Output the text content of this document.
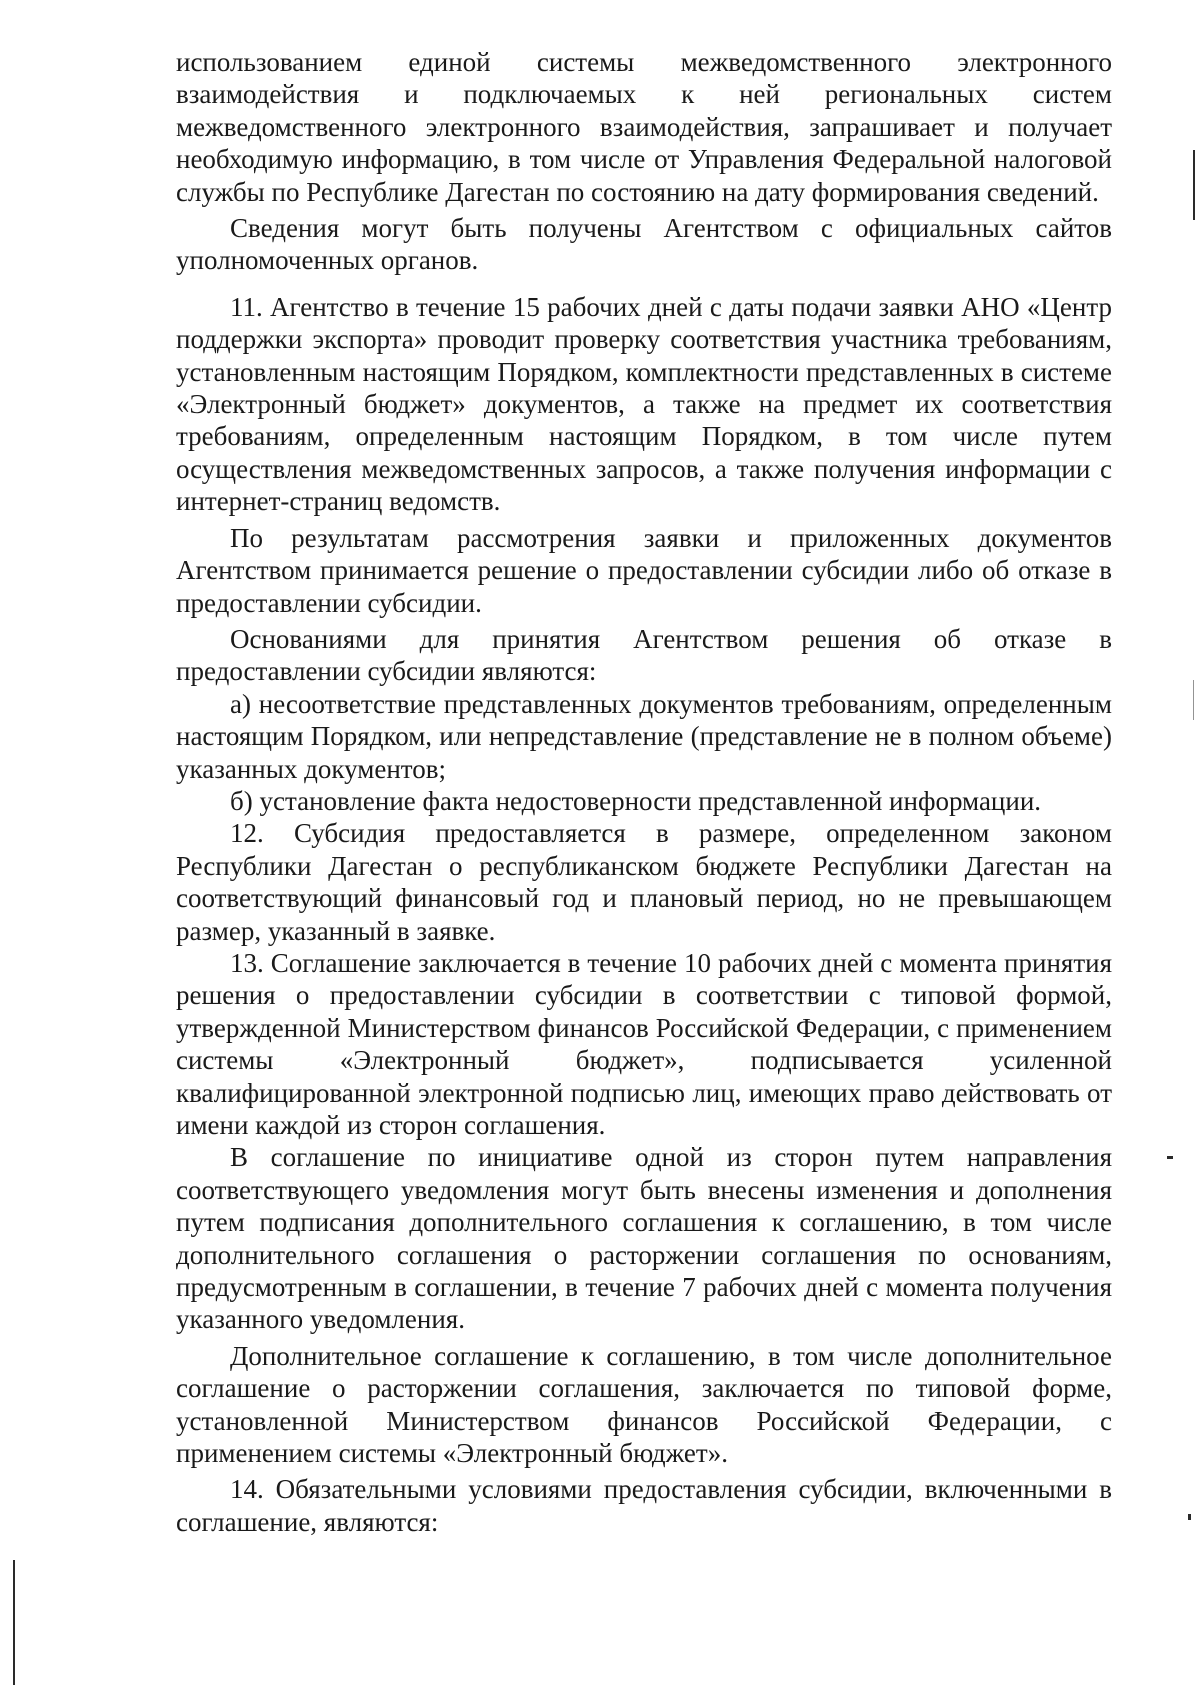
использованием единой системы межведомственного электронного взаимодействия и подключаемых к ней региональных систем межведомственного электронного взаимодействия, запрашивает и получает необходимую информацию, в том числе от Управления Федеральной налоговой службы по Республике Дагестан по состоянию на дату формирования сведений.

Сведения могут быть получены Агентством с официальных сайтов уполномоченных органов.

11. Агентство в течение 15 рабочих дней с даты подачи заявки АНО «Центр поддержки экспорта» проводит проверку соответствия участника требованиям, установленным настоящим Порядком, комплектности представленных в системе «Электронный бюджет» документов, а также на предмет их соответствия требованиям, определенным настоящим Порядком, в том числе путем осуществления межведомственных запросов, а также получения информации с интернет-страниц ведомств.

По результатам рассмотрения заявки и приложенных документов Агентством принимается решение о предоставлении субсидии либо об отказе в предоставлении субсидии.

Основаниями для принятия Агентством решения об отказе в предоставлении субсидии являются:

а) несоответствие представленных документов требованиям, определенным настоящим Порядком, или непредставление (представление не в полном объеме) указанных документов;

б) установление факта недостоверности представленной информации.

12. Субсидия предоставляется в размере, определенном законом Республики Дагестан о республиканском бюджете Республики Дагестан на соответствующий финансовый год и плановый период, но не превышающем размер, указанный в заявке.

13. Соглашение заключается в течение 10 рабочих дней с момента принятия решения о предоставлении субсидии в соответствии с типовой формой, утвержденной Министерством финансов Российской Федерации, с применением системы «Электронный бюджет», подписывается усиленной квалифицированной электронной подписью лиц, имеющих право действовать от имени каждой из сторон соглашения.

В соглашение по инициативе одной из сторон путем направления соответствующего уведомления могут быть внесены изменения и дополнения путем подписания дополнительного соглашения к соглашению, в том числе дополнительного соглашения о расторжении соглашения по основаниям, предусмотренным в соглашении, в течение 7 рабочих дней с момента получения указанного уведомления.

Дополнительное соглашение к соглашению, в том числе дополнительное соглашение о расторжении соглашения, заключается по типовой форме, установленной Министерством финансов Российской Федерации, с применением системы «Электронный бюджет».

14. Обязательными условиями предоставления субсидии, включенными в соглашение, являются:
